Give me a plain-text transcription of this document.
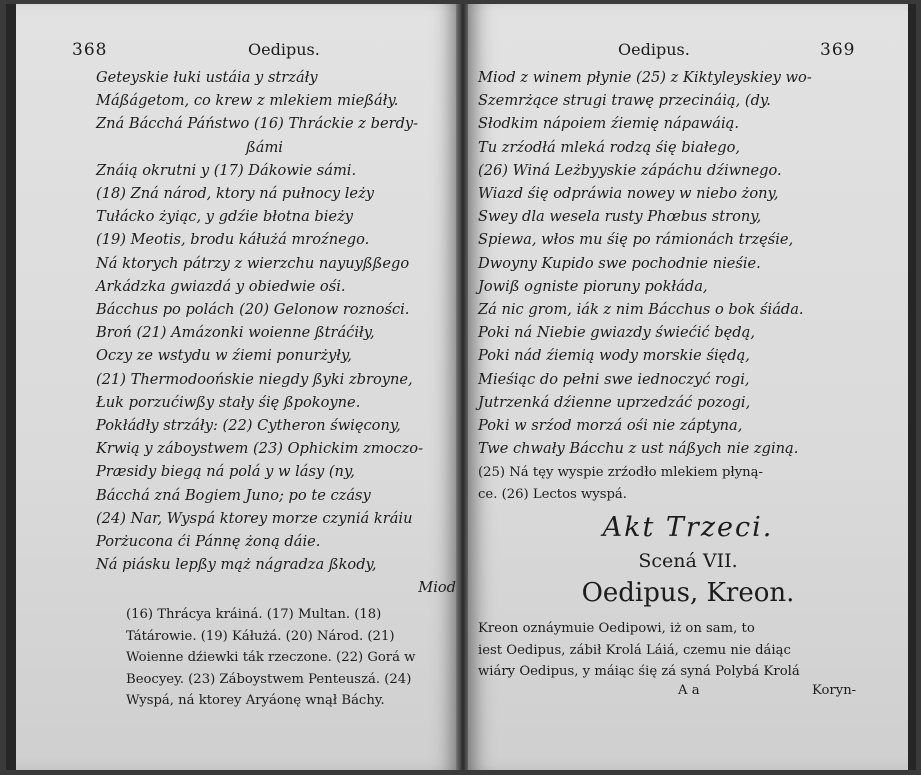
368	Oedipus.
Geteyskie łuki ustáia y strzáły
Máßágetom, co krew z mlekiem mießáły.
Zná Bácchá Páństwo (16) Thráckie z berdy-
ßámi
Znáią okrutni y (17) Dákowie sámi.
(18) Zná národ, ktory ná pułnocy leży
Tułácko żyiąc, y gdźie błotna bieży
(19) Meotis, brodu káłużá mroźnego.
Ná ktorych pátrzy z wierzchu nayuyßßego
Arkádzka gwiazdá y obiedwie ośi.
Bácchus po polách (20) Gelonow rozności.
Broń (21) Amázonki woienne ßtráćiły,
Oczy ze wstydu w źiemi ponurżyły,
(21) Thermodoońskie niegdy ßyki zbroyne,
Łuk porzućiwßy stały śię ßpokoyne.
Pokłádły strzáły: (22) Cytheron święcony,
Krwią y záboystwem (23) Ophickim zmoczo-
Præsidy biegą ná polá y w lásy (ny,
Bácchá zná Bogiem Juno; po te czásy
(24) Nar, Wyspá ktorey morze czyniá kráiu
Porżucona ći Pánnę żoną dáie.
Ná piásku lepßy mąż nágradza ßkody,
Miod
(16) Thrácya kráiná. (17) Multan. (18)
Tátárowie. (19) Káłużá. (20) Národ. (21)
Woienne dźiewki ták rzeczone. (22) Gorá w
Beocyey. (23) Záboystwem Penteuszá. (24)
Wyspá, ná ktorey Aryáonę wnął Báchy.
Oedipus.	369
Miod z winem płynie (25) z Kiktyleyskiey wo-
Szemrżące strugi trawę przecináią, (dy.
Słodkim nápoiem źiemię nápawáią.
Tu zrźodłá mleká rodzą śię białego,
(26) Winá Leżbyyskie zápáchu dźiwnego.
Wiazd śię odpráwia nowey w niebo żony,
Swey dla wesela rusty Phœbus strony,
Spiewa, włos mu śię po rámionách trzęśie,
Dwoyny Kupido swe pochodnie nieśie.
Jowiß ogniste pioruny pokłáda,
Zá nic grom, iák z nim Bácchus o bok śiáda.
Poki ná Niebie gwiazdy świećić będą,
Poki nád źiemią wody morskie śiędą,
Mieśiąc do pełni swe iednoczyć rogi,
Jutrzenká dźienne uprzedzáć pozogi,
Poki w srźod morzá ośi nie záptyna,
Twe chwały Bácchu z ust náßych nie zginą.
(25) Ná tęy wyspie zrźodło mlekiem płyną-
ce. (26) Lectos wyspá.
Akt Trzeci.
Scená VII.
Oedipus, Kreon.
Kreon oznáymuie Oedipowi, iż on sam, to
iest Oedipus, zábił Krolá Láiá, czemu nie dáiąc
wiáry Oedipus, y máiąc śię zá syná Polybá Krolá
A a	Koryn-
